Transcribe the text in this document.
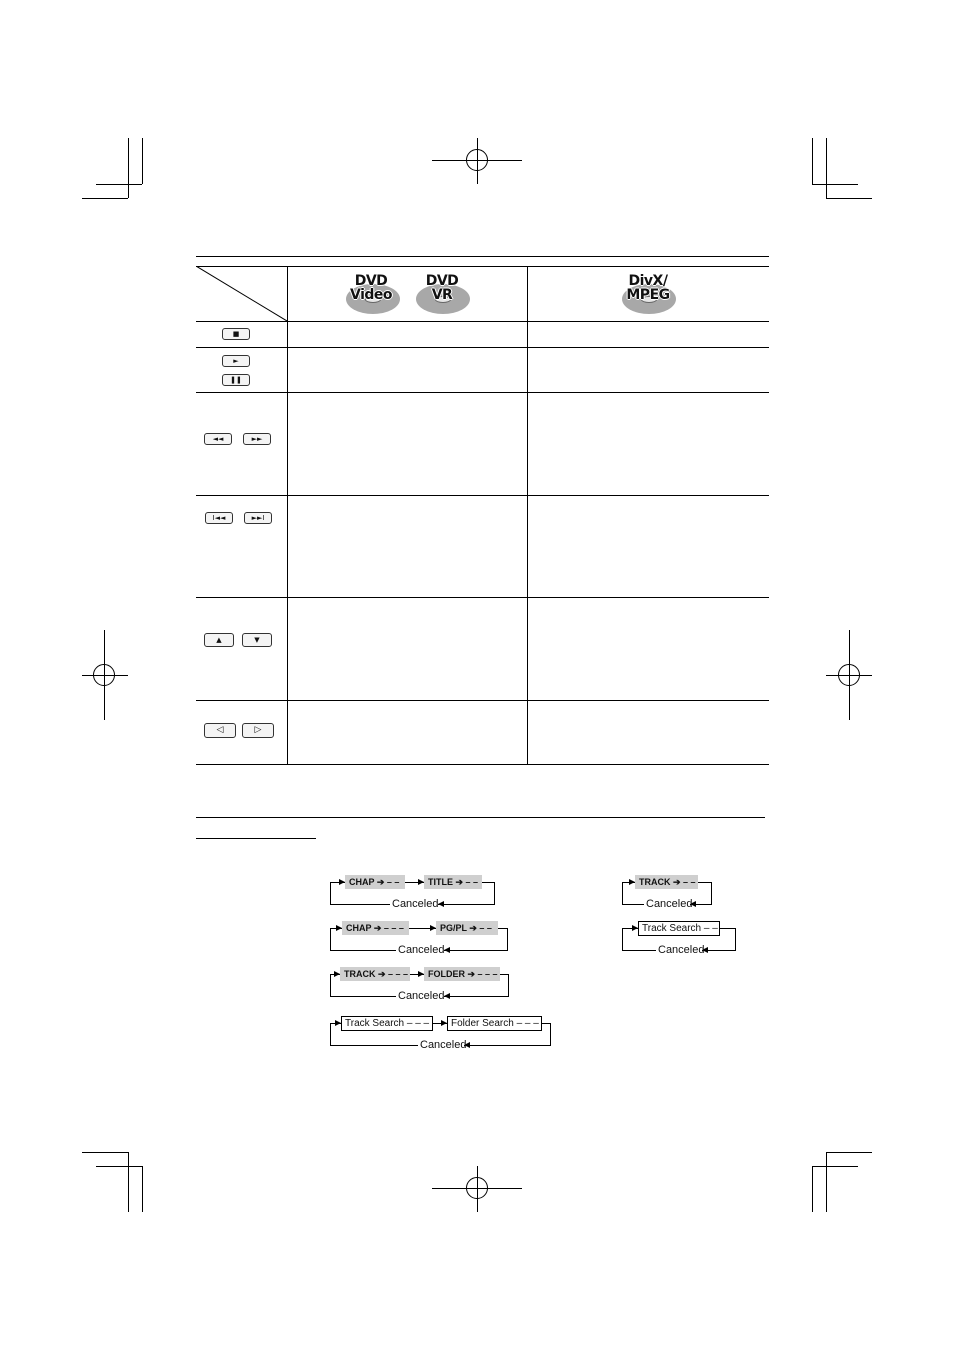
DVD
Video
DVD
VR
DivX/
MPEG
■
►
❚❚
◄◄	►►
I◄◄	►►I
▲	▼
◁	▷
CHAP ➔ – –	TITLE ➔ – –
Canceled
CHAP ➔ – – –	PG/PL ➔ – –
Canceled
TRACK ➔ – – –	FOLDER ➔ – – –
Canceled
Track Search – – –	Folder Search – – –
Canceled
TRACK ➔ – –
Canceled
Track Search – –
Canceled
